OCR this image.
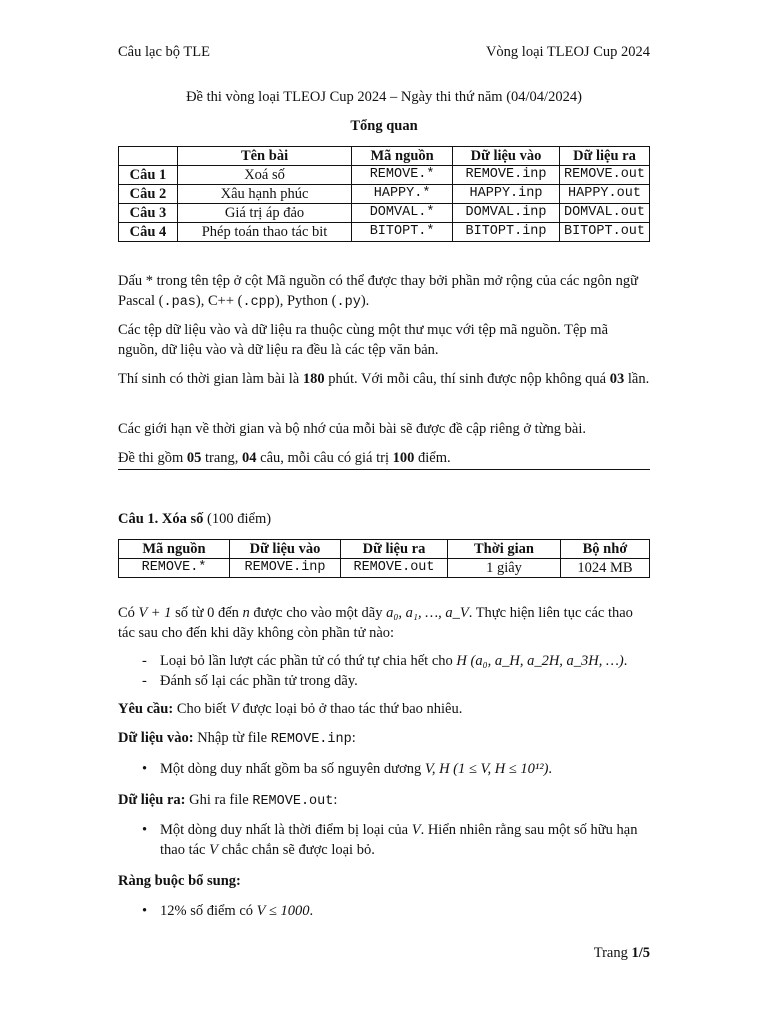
Câu lạc bộ TLE	Vòng loại TLEOJ Cup 2024
Đề thi vòng loại TLEOJ Cup 2024 – Ngày thi thứ năm (04/04/2024)
Tổng quan
	Tên bài	Mã nguồn	Dữ liệu vào	Dữ liệu ra
Câu 1	Xoá số	REMOVE.*	REMOVE.inp	REMOVE.out
Câu 2	Xâu hạnh phúc	HAPPY.*	HAPPY.inp	HAPPY.out
Câu 3	Giá trị áp đảo	DOMVAL.*	DOMVAL.inp	DOMVAL.out
Câu 4	Phép toán thao tác bit	BITOPT.*	BITOPT.inp	BITOPT.out

Dấu * trong tên tệp ở cột Mã nguồn có thể được thay bởi phần mở rộng của các ngôn ngữ Pascal (.pas), C++ (.cpp), Python (.py).

Các tệp dữ liệu vào và dữ liệu ra thuộc cùng một thư mục với tệp mã nguồn. Tệp mã nguồn, dữ liệu vào và dữ liệu ra đều là các tệp văn bản.

Thí sinh có thời gian làm bài là 180 phút. Với mỗi câu, thí sinh được nộp không quá 03 lần.

Các giới hạn về thời gian và bộ nhớ của mỗi bài sẽ được đề cập riêng ở từng bài.

Đề thi gồm 05 trang, 04 câu, mỗi câu có giá trị 100 điểm.

Câu 1. Xóa số (100 điểm)

Mã nguồn	Dữ liệu vào	Dữ liệu ra	Thời gian	Bộ nhớ
REMOVE.*	REMOVE.inp	REMOVE.out	1 giây	1024 MB

Có V + 1 số từ 0 đến n được cho vào một dãy a₀, a₁, …, a_V. Thực hiện liên tục các thao tác sau cho đến khi dãy không còn phần tử nào:

- Loại bỏ lần lượt các phần tử có thứ tự chia hết cho H (a₀, a_H, a_2H, a_3H, …).
- Đánh số lại các phần tử trong dãy.

Yêu cầu: Cho biết V được loại bỏ ở thao tác thứ bao nhiêu.

Dữ liệu vào: Nhập từ file REMOVE.inp:

• Một dòng duy nhất gồm ba số nguyên dương V, H (1 ≤ V, H ≤ 10¹²).

Dữ liệu ra: Ghi ra file REMOVE.out:

• Một dòng duy nhất là thời điểm bị loại của V. Hiển nhiên rằng sau một số hữu hạn thao tác V chắc chắn sẽ được loại bỏ.

Ràng buộc bổ sung:

• 12% số điểm có V ≤ 1000.
Trang 1/5
